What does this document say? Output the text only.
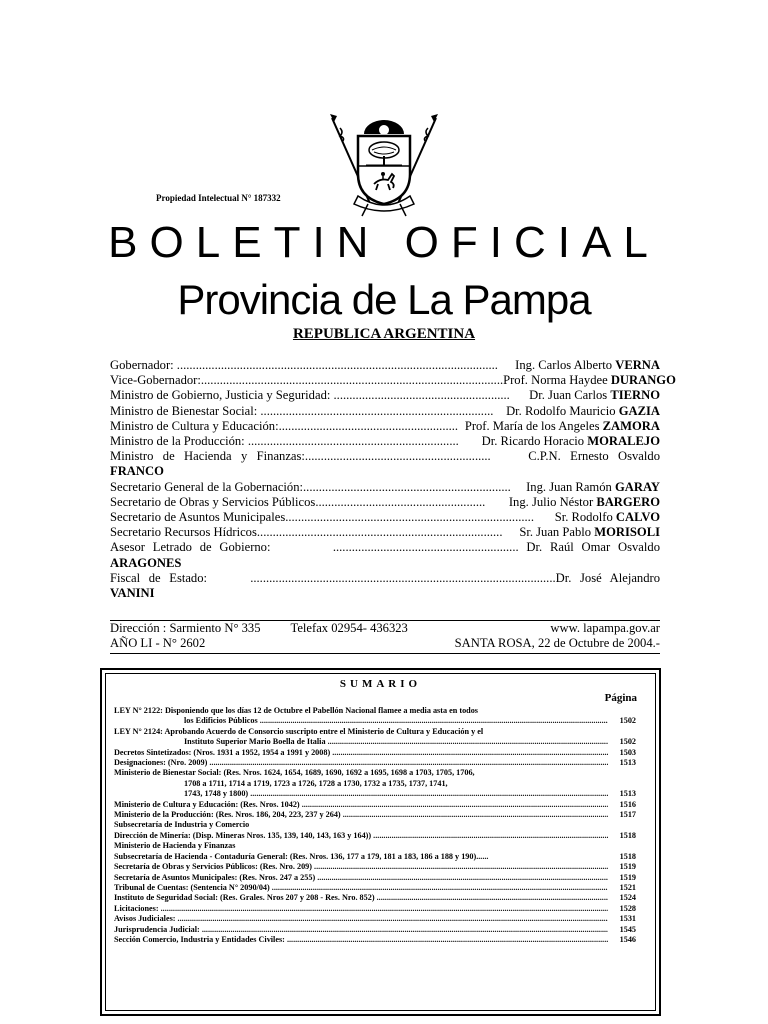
Propiedad Intelectual N° 187332
BOLETIN OFICIAL
Provincia de La Pampa
REPUBLICA ARGENTINA
Gobernador: ...................................................................................................... Ing. Carlos Alberto VERNA
Vice-Gobernador:................................................................................................ Prof. Norma Haydee DURANGO
Ministro de Gobierno, Justicia y Seguridad: ........................................................ Dr. Juan Carlos TIERNO
Ministro de Bienestar Social: .......................................................................... Dr. Rodolfo Mauricio GAZIA
Ministro de Cultura y Educación:......................................................... Prof. María de los Angeles ZAMORA
Ministro de la Producción: ................................................................... Dr. Ricardo Horacio MORALEJO
Ministro de Hacienda y Finanzas:...........................................................    C.P.N. Ernesto Osvaldo
FRANCO
Secretario General de la Gobernación:.................................................................. Ing. Juan Ramón GARAY
Secretario de Obras y Servicios Públicos...................................................... Ing. Julio Néstor BARGERO
Secretario de Asuntos Municipales............................................................................... Sr. Rodolfo CALVO
Secretario Recursos Hídricos.............................................................................. Sr. Juan Pablo MORISOLI
Asesor Letrado de Gobierno:        ........................................................... Dr. Raúl Omar Osvaldo
ARAGONES
Fiscal de Estado:     .................................................................................................Dr. José Alejandro
VANINI
Dirección : Sarmiento N° 335 Telefax 02954- 436323	www. lapampa.gov.ar
AÑO LI - N° 2602	SANTA ROSA, 22 de Octubre de 2004.-
SUMARIO
Página
LEY N° 2122: Disponiendo que los días 12 de Octubre el Pabellón Nacional flamee a media asta en todos
los Edificios Públicos .....	1502
LEY N° 2124: Aprobando Acuerdo de Consorcio suscripto entre el Ministerio de Cultura y Educación y el
Instituto Superior Mario Boella de Italia .....	1502
Decretos Sintetizados: (Nros. 1931 a 1952, 1954 a 1991 y 2008) .....	1503
Designaciones: (Nro. 2009) .....	1513
Ministerio de Bienestar Social: (Res. Nros. 1624, 1654, 1689, 1690, 1692 a 1695, 1698 a 1703, 1705, 1706,
1708 a 1711, 1714 a 1719, 1723 a 1726, 1728 a 1730, 1732 a 1735, 1737, 1741,
1743, 1748 y 1800) .....	1513
Ministerio de Cultura y Educación: (Res. Nros. 1042) .....	1516
Ministerio de la Producción: (Res. Nros. 186, 204, 223, 237 y 264) .....	1517
Subsecretaría de Industria y Comercio
Dirección de Minería: (Disp. Mineras Nros. 135, 139, 140, 143, 163 y 164)) .....	1518
Ministerio de Hacienda y Finanzas
Subsecretaría de Hacienda - Contaduría General: (Res. Nros. 136, 177 a 179, 181 a 183, 186 a 188 y 190)......	1518
Secretaría de Obras y Servicios Públicos: (Res. Nro. 209) .....	1519
Secretaría de Asuntos Municipales: (Res. Nros. 247 a 255) .....	1519
Tribunal de Cuentas: (Sentencia N° 2090/04) .....	1521
Instituto de Seguridad Social: (Res. Grales. Nros 207 y 208 - Res. Nro. 852) .....	1524
Licitaciones: .....	1528
Avisos Judiciales: .....	1531
Jurisprudencia Judicial: .....	1545
Sección Comercio, Industria y Entidades Civiles: .....	1546
